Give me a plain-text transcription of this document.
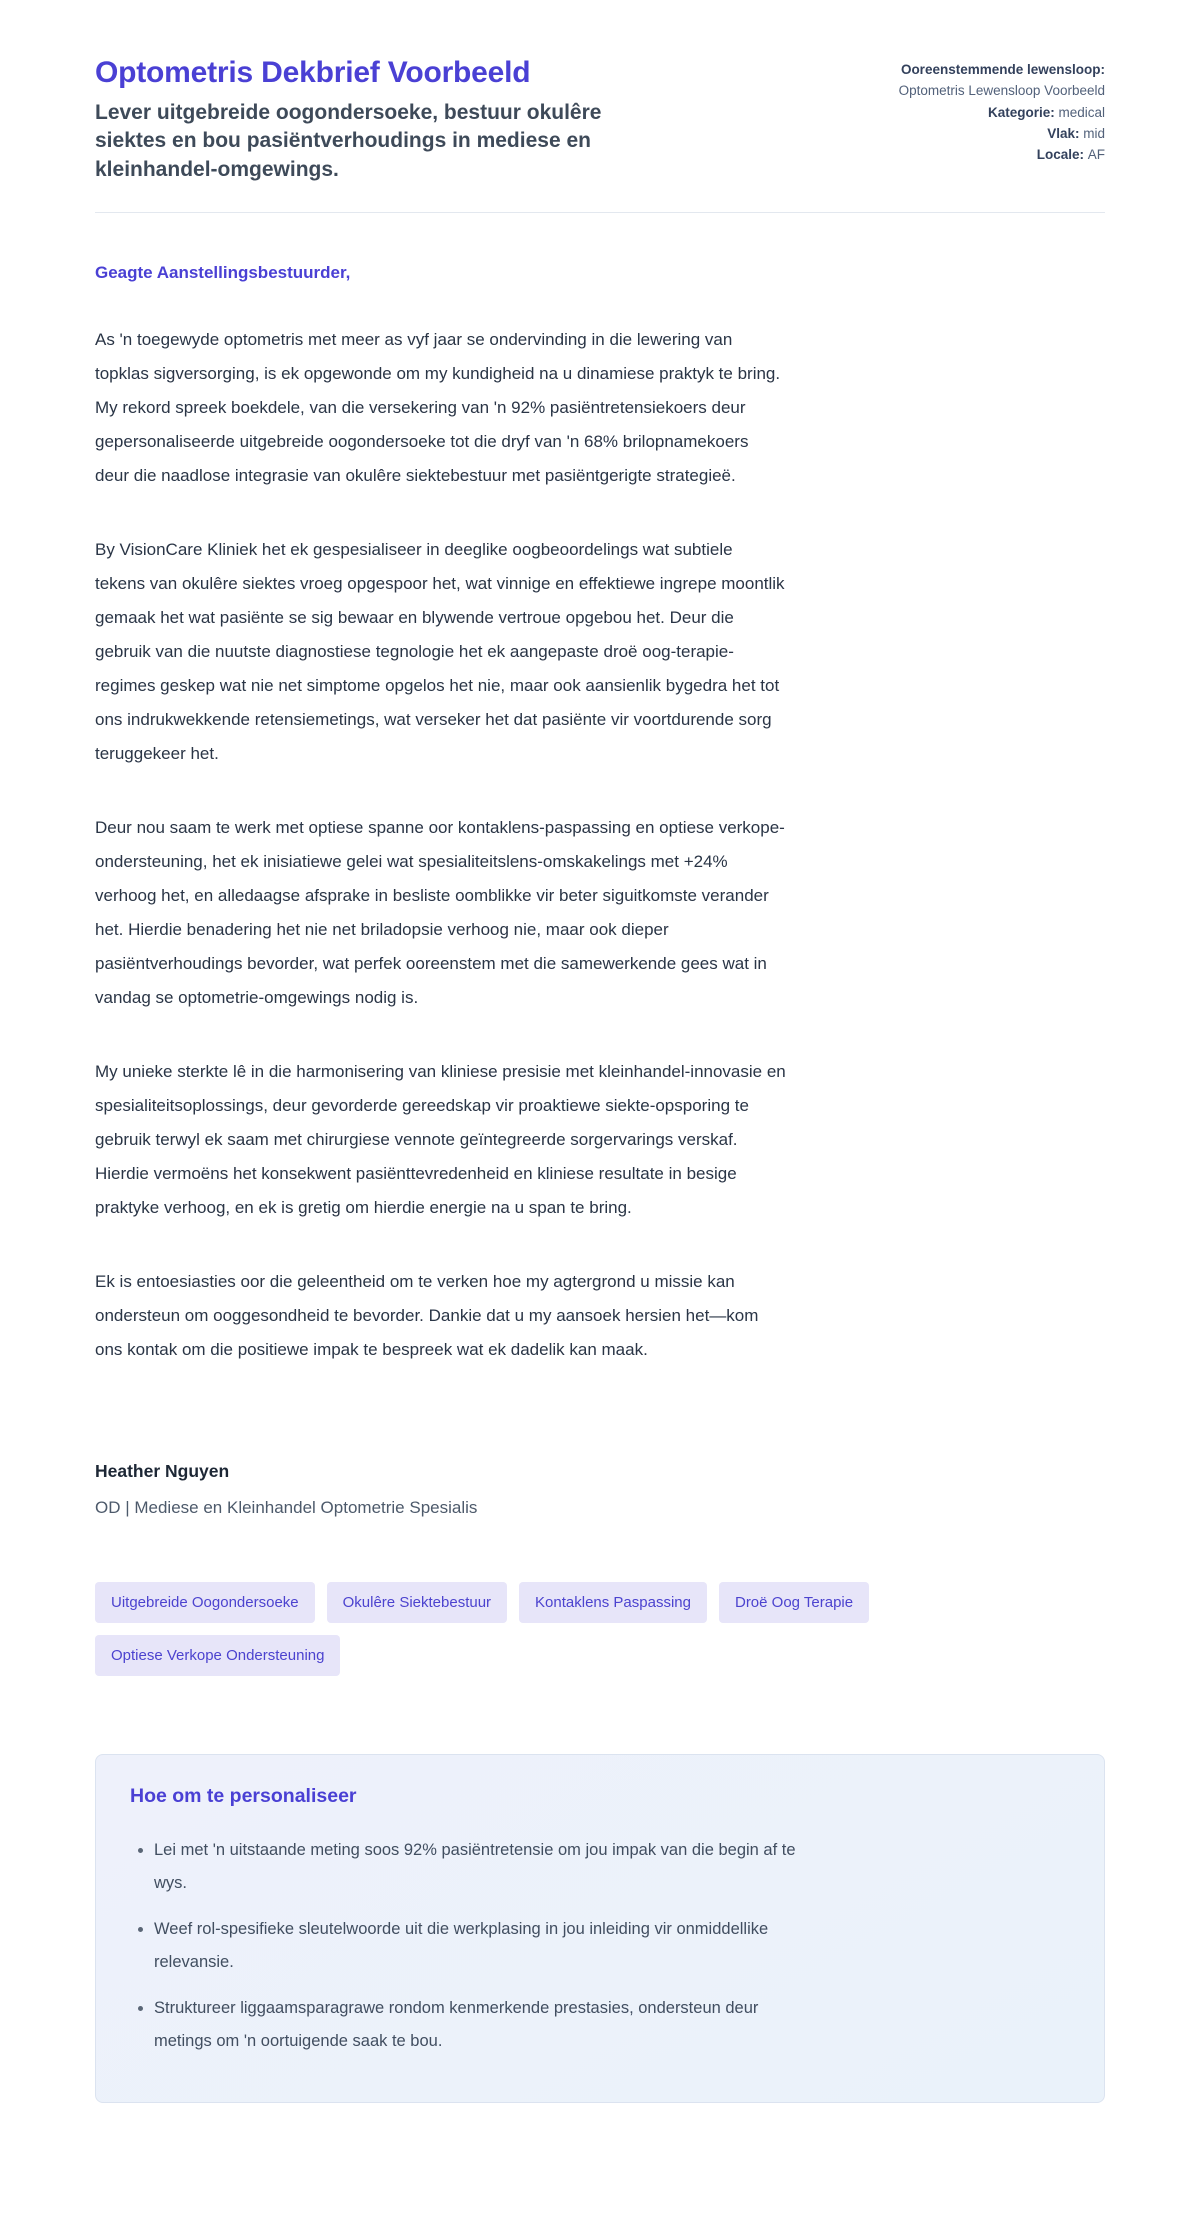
Optometris Dekbrief Voorbeeld
Lever uitgebreide oogondersoeke, bestuur okulêre siektes en bou pasiëntverhoudings in mediese en kleinhandel-omgewings.
Ooreenstemmende lewensloop: Optometris Lewensloop Voorbeeld
Kategorie: medical
Vlak: mid
Locale: AF

Geagte Aanstellingsbestuurder,

As 'n toegewyde optometris met meer as vyf jaar se ondervinding in die lewering van topklas sigversorging, is ek opgewonde om my kundigheid na u dinamiese praktyk te bring. My rekord spreek boekdele, van die versekering van 'n 92% pasiëntretensiekoers deur gepersonaliseerde uitgebreide oogondersoeke tot die dryf van 'n 68% brilopnamekoers deur die naadlose integrasie van okulêre siektebestuur met pasiëntgerigte strategieë.

By VisionCare Kliniek het ek gespesialiseer in deeglike oogbeoordelings wat subtiele tekens van okulêre siektes vroeg opgespoor het, wat vinnige en effektiewe ingrepe moontlik gemaak het wat pasiënte se sig bewaar en blywende vertroue opgebou het. Deur die gebruik van die nuutste diagnostiese tegnologie het ek aangepaste droë oog-terapie-regimes geskep wat nie net simptome opgelos het nie, maar ook aansienlik bygedra het tot ons indrukwekkende retensiemetings, wat verseker het dat pasiënte vir voortdurende sorg teruggekeer het.

Deur nou saam te werk met optiese spanne oor kontaklens-paspassing en optiese verkope-ondersteuning, het ek inisiatiewe gelei wat spesialiteitslens-omskakelings met +24% verhoog het, en alledaagse afsprake in besliste oomblikke vir beter siguitkomste verander het. Hierdie benadering het nie net briladopsie verhoog nie, maar ook dieper pasiëntverhoudings bevorder, wat perfek ooreenstem met die samewerkende gees wat in vandag se optometrie-omgewings nodig is.

My unieke sterkte lê in die harmonisering van kliniese presisie met kleinhandel-innovasie en spesialiteitsoplossings, deur gevorderde gereedskap vir proaktiewe siekte-opsporing te gebruik terwyl ek saam met chirurgiese vennote geïntegreerde sorgervarings verskaf. Hierdie vermoëns het konsekwent pasiënttevredenheid en kliniese resultate in besige praktyke verhoog, en ek is gretig om hierdie energie na u span te bring.

Ek is entoesiasties oor die geleentheid om te verken hoe my agtergrond u missie kan ondersteun om ooggesondheid te bevorder. Dankie dat u my aansoek hersien het—kom ons kontak om die positiewe impak te bespreek wat ek dadelik kan maak.

Heather Nguyen

OD | Mediese en Kleinhandel Optometrie Spesialis

Uitgebreide Oogondersoeke	Okulêre Siektebestuur	Kontaklens Paspassing	Droë Oog Terapie
Optiese Verkope Ondersteuning
Hoe om te personaliseer
• Lei met 'n uitstaande meting soos 92% pasiëntretensie om jou impak van die begin af te wys.
• Weef rol-spesifieke sleutelwoorde uit die werkplasing in jou inleiding vir onmiddellike relevansie.
• Struktureer liggaamsparagrawe rondom kenmerkende prestasies, ondersteun deur metings om 'n oortuigende saak te bou.
